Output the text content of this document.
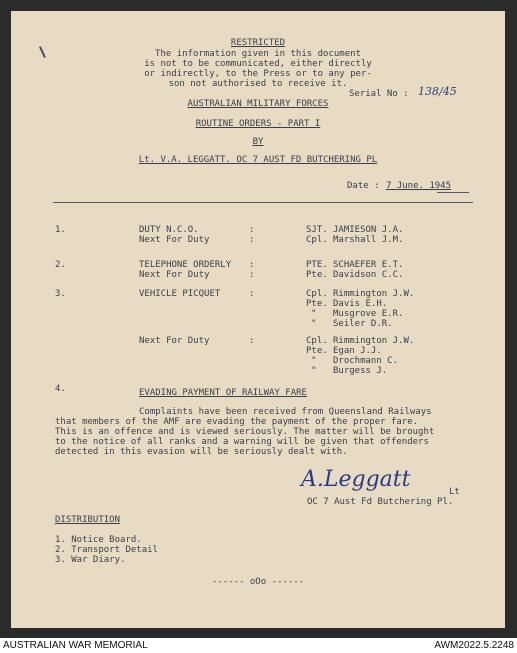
RESTRICTED
The information given in this document
is not to be communicated, either directly
or indirectly, to the Press or to any per-
son not authorised to receive it.
Serial No : 138/45
AUSTRALIAN MILITARY FORCES
ROUTINE ORDERS - PART I
BY
Lt. V.A. LEGGATT. OC 7 AUST FD BUTCHERING PL
Date : 7 June. 1945
1.	DUTY N.C.O.	:	SJT. JAMIESON J.A.
Next For Duty	:	Cpl. Marshall J.M.
2.	TELEPHONE ORDERLY :	PTE. SCHAEFER E.T.
Next For Duty	:	Pte. Davidson C.C.
3.	VEHICLE PICQUET	:	Cpl. Rimmington J.W.
Pte. Davis E.H.
" Musgrove E.R.
" Seiler D.R.
Next For Duty	:	Cpl. Rimmington J.W.
Pte. Egan J.J.
" Drochmann C.
" Burgess J.
4.	EVADING PAYMENT OF RAILWAY FARE
Complaints have been received from Queensland Railways
that members of the AMF are evading the payment of the proper fare.
This is an offence and is viewed seriously. The matter will be brought
to the notice of all ranks and a warning will be given that offenders
detected in this evasion will be seriously dealt with.
A.Leggatt	Lt
OC 7 Aust Fd Butchering Pl.
DISTRIBUTION
1. Notice Board.
2. Transport Detail
3. War Diary.
------ oOo ------
AUSTRALIAN WAR MEMORIAL	AWM2022.5.2248
